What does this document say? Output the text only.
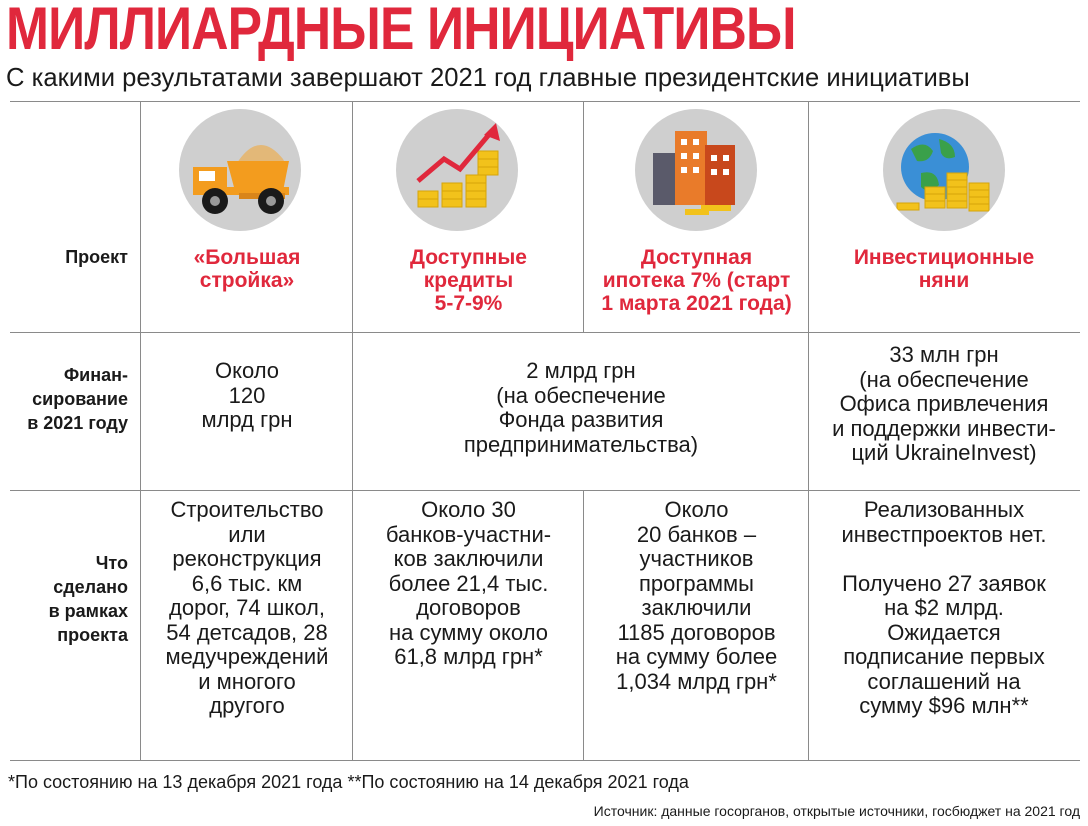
МИЛЛИАРДНЫЕ ИНИЦИАТИВЫ
С какими результатами завершают 2021 год главные президентские инициативы
Проект
Финан-
сирование
в 2021 году
Что
сделано
в рамках
проекта
«Большая
стройка»
Доступные
кредиты
5-7-9%
Доступная
ипотека 7% (старт
1 марта 2021 года)
Инвестиционные
няни
Около
120
млрд грн
2 млрд грн
(на обеспечение
Фонда развития
предпринимательства)
33 млн грн
(на обеспечение
Офиса привлечения
и поддержки инвести-
ций UkraineInvest)
Строительство
или
реконструкция
6,6 тыс. км
дорог, 74 школ,
54 детсадов, 28
медучреждений
и многого
другого
Около 30
банков-участни-
ков заключили
более 21,4 тыс.
договоров
на сумму около
61,8 млрд грн*
Около
20 банков –
участников
программы
заключили
1185 договоров
на сумму более
1,034 млрд грн*
Реализованных
инвестпроектов нет.
Получено 27 заявок
на $2 млрд.
Ожидается
подписание первых
соглашений на
сумму $96 млн**
*По состоянию на 13 декабря 2021 года **По состоянию на 14 декабря 2021 года
Источник: данные госорганов, открытые источники, госбюджет на 2021 год
